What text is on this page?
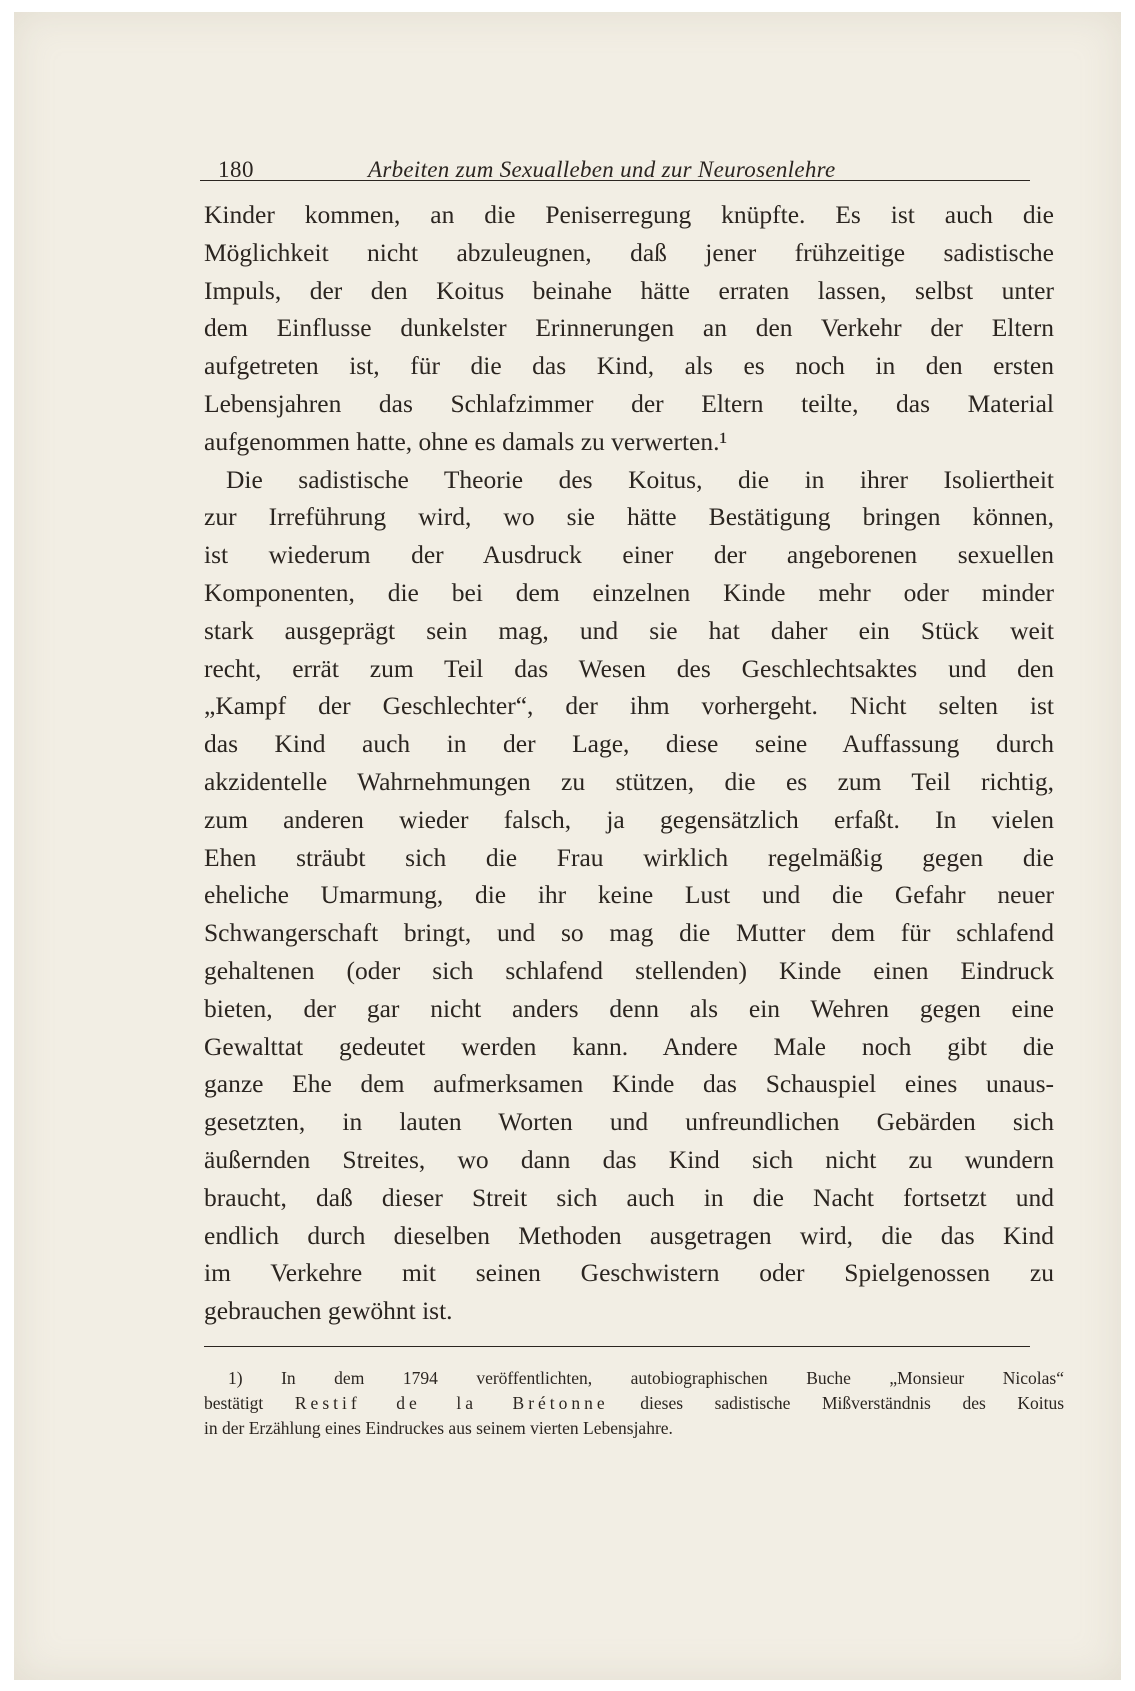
180	Arbeiten zum Sexualleben und zur Neurosenlehre
Kinder kommen, an die Peniserregung knüpfte. Es ist auch die
Möglichkeit nicht abzuleugnen, daß jener frühzeitige sadistische
Impuls, der den Koitus beinahe hätte erraten lassen, selbst unter
dem Einflusse dunkelster Erinnerungen an den Verkehr der Eltern
aufgetreten ist, für die das Kind, als es noch in den ersten
Lebensjahren das Schlafzimmer der Eltern teilte, das Material
aufgenommen hatte, ohne es damals zu verwerten.¹
Die sadistische Theorie des Koitus, die in ihrer Isoliertheit
zur Irreführung wird, wo sie hätte Bestätigung bringen können,
ist wiederum der Ausdruck einer der angeborenen sexuellen
Komponenten, die bei dem einzelnen Kinde mehr oder minder
stark ausgeprägt sein mag, und sie hat daher ein Stück weit
recht, errät zum Teil das Wesen des Geschlechtsaktes und den
„Kampf der Geschlechter“, der ihm vorhergeht. Nicht selten ist
das Kind auch in der Lage, diese seine Auffassung durch
akzidentelle Wahrnehmungen zu stützen, die es zum Teil richtig,
zum anderen wieder falsch, ja gegensätzlich erfaßt. In vielen
Ehen sträubt sich die Frau wirklich regelmäßig gegen die
eheliche Umarmung, die ihr keine Lust und die Gefahr neuer
Schwangerschaft bringt, und so mag die Mutter dem für schlafend
gehaltenen (oder sich schlafend stellenden) Kinde einen Eindruck
bieten, der gar nicht anders denn als ein Wehren gegen eine
Gewalttat gedeutet werden kann. Andere Male noch gibt die
ganze Ehe dem aufmerksamen Kinde das Schauspiel eines unaus-
gesetzten, in lauten Worten und unfreundlichen Gebärden sich
äußernden Streites, wo dann das Kind sich nicht zu wundern
braucht, daß dieser Streit sich auch in die Nacht fortsetzt und
endlich durch dieselben Methoden ausgetragen wird, die das Kind
im Verkehre mit seinen Geschwistern oder Spielgenossen zu
gebrauchen gewöhnt ist.
1) In dem 1794 veröffentlichten, autobiographischen Buche „Monsieur Nicolas“
bestätigt Restif de la Brétonne dieses sadistische Mißverständnis des Koitus
in der Erzählung eines Eindruckes aus seinem vierten Lebensjahre.
